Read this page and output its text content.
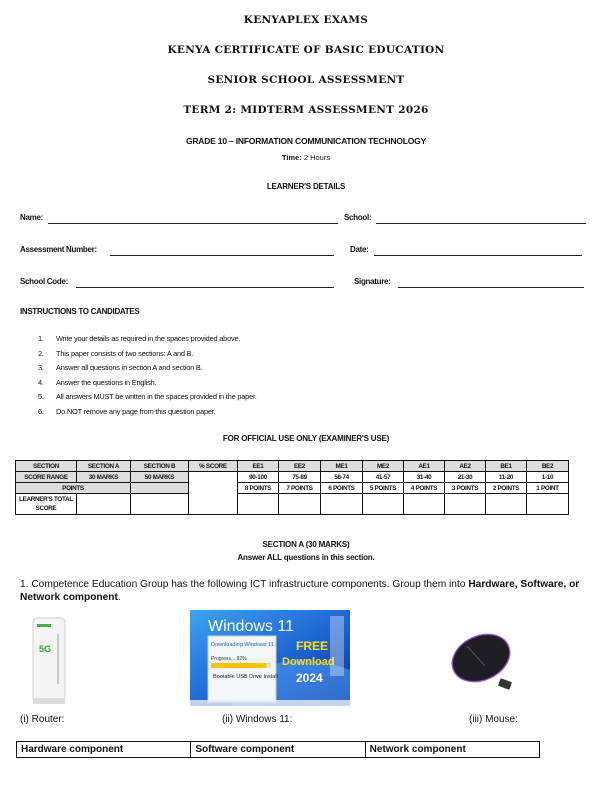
KENYAPLEX EXAMS
KENYA CERTIFICATE OF BASIC EDUCATION
SENIOR SCHOOL ASSESSMENT
TERM 2: MIDTERM ASSESSMENT 2026
GRADE 10 – INFORMATION COMMUNICATION TECHNOLOGY
Time: 2 Hours
LEARNER'S DETAILS
Name:	School:
Assessment Number:	Date:
School Code:	Signature:
INSTRUCTIONS TO CANDIDATES
1. Write your details as required in the spaces provided above.
2. This paper consists of two sections: A and B.
3. Answer all questions in section A and section B.
4. Answer the questions in English.
5. All answers MUST be written in the spaces provided in the paper.
6. Do NOT remove any page from this question paper.
FOR OFFICIAL USE ONLY (EXAMINER'S USE)
SECTION	SECTION A	SECTION B	% SCORE	EE1	EE2	ME1	ME2	AE1	AE2	BE1	BE2
SCORE RANGE	30 MARKS	50 MARKS		90-100	75-89	58-74	41-57	31-40	21-30	11-20	1-10
POINTS				8 POINTS	7 POINTS	6 POINTS	5 POINTS	4 POINTS	3 POINTS	2 POINTS	1 POINT
LEARNER'S TOTAL SCORE											
SECTION A (30 MARKS)
Answer ALL questions in this section.
1. Competence Education Group has the following ICT infrastructure components. Group them into Hardware, Software, or Network component.
5G
Windows 11
Downloading Windows 11
Progress....92%
Bootable USB Drive Install
FREE
Download
2024
(i) Router:	(ii) Windows 11:	(iii) Mouse:
Hardware component	Software component	Network component
